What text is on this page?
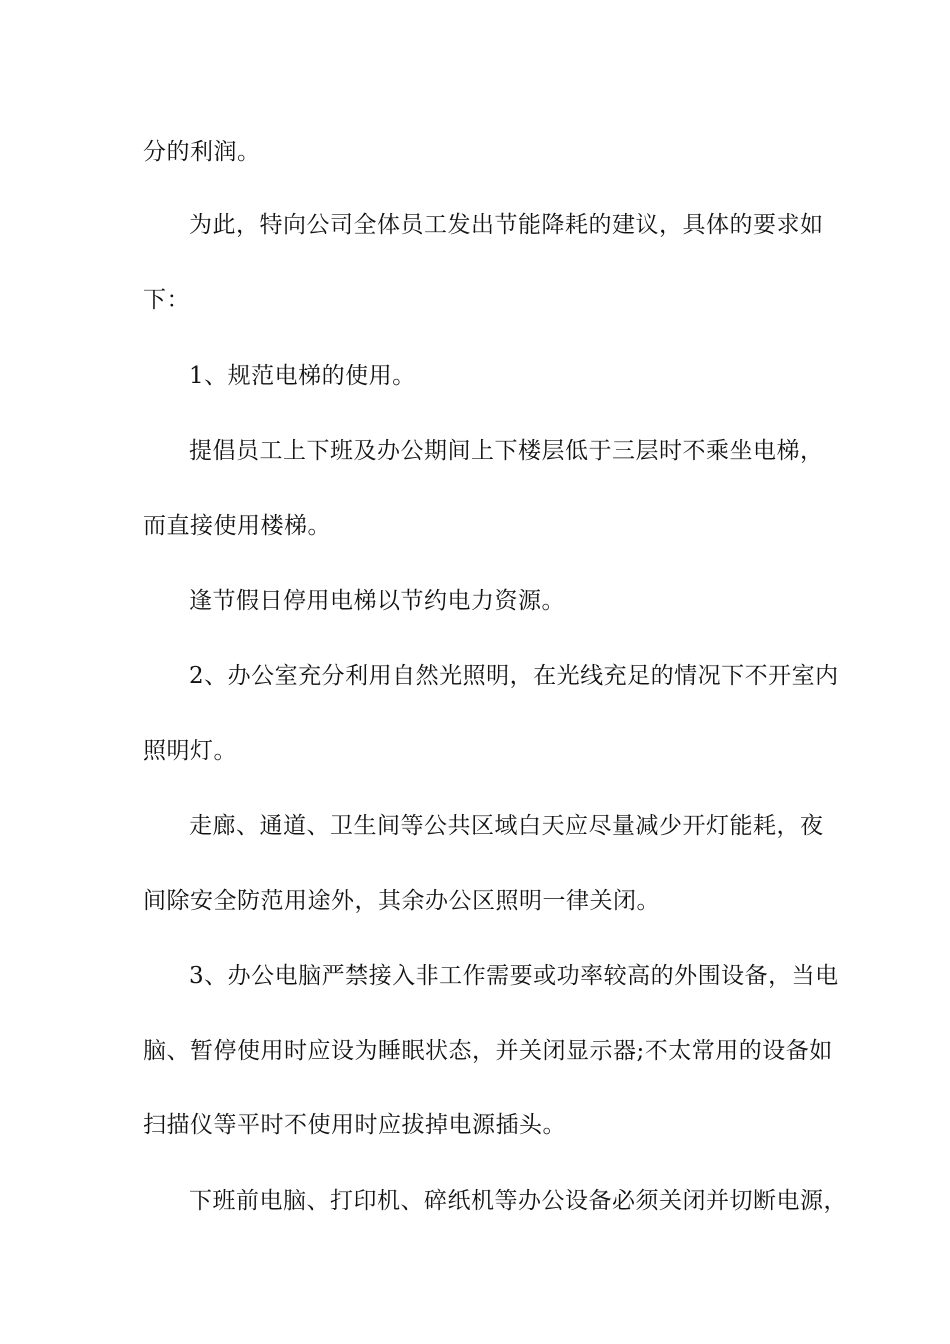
分的利润。
为此，特向公司全体员工发出节能降耗的建议，具体的要求如
下：
1、规范电梯的使用。
提倡员工上下班及办公期间上下楼层低于三层时不乘坐电梯，
而直接使用楼梯。
逢节假日停用电梯以节约电力资源。
2、办公室充分利用自然光照明，在光线充足的情况下不开室内
照明灯。
走廊、通道、卫生间等公共区域白天应尽量减少开灯能耗，夜
间除安全防范用途外，其余办公区照明一律关闭。
3、办公电脑严禁接入非工作需要或功率较高的外围设备，当电
脑、暂停使用时应设为睡眠状态，并关闭显示器;不太常用的设备如
扫描仪等平时不使用时应拔掉电源插头。
下班前电脑、打印机、碎纸机等办公设备必须关闭并切断电源，
